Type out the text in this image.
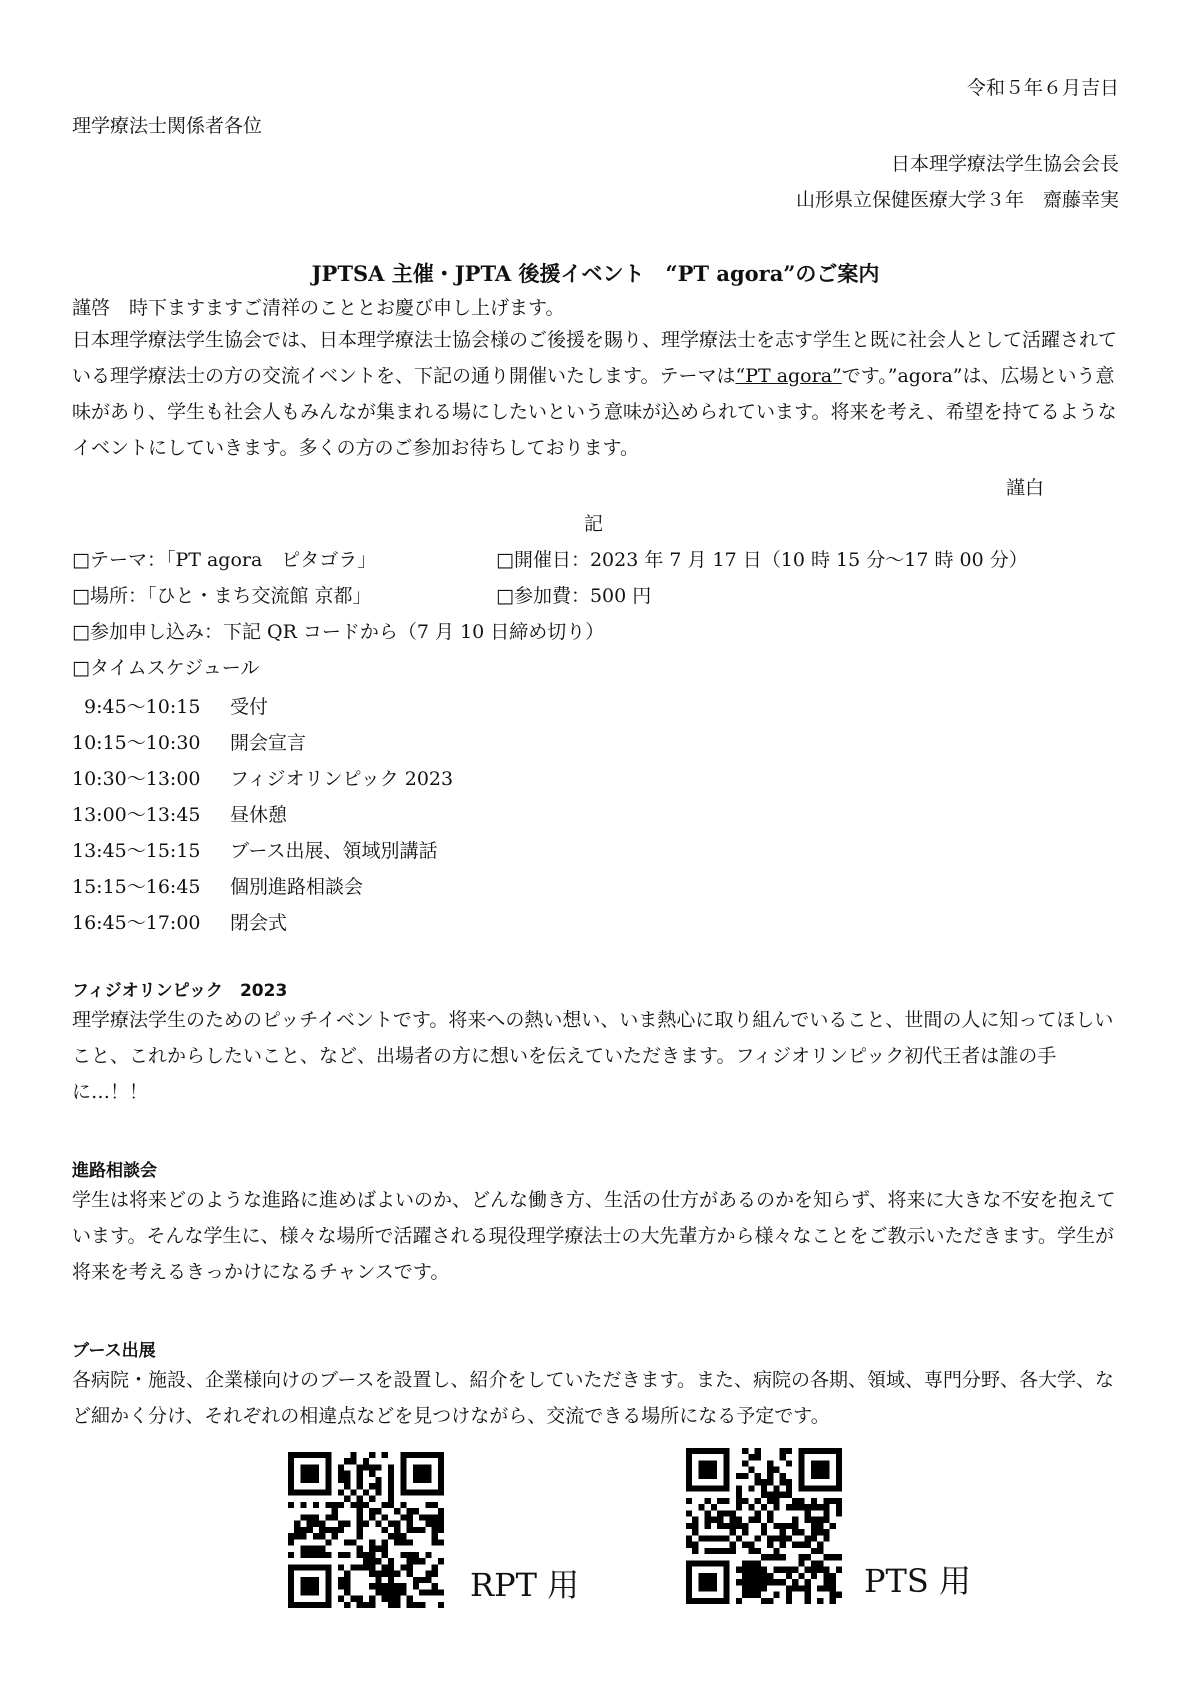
令和５年６月吉日
理学療法士関係者各位
日本理学療法学生協会会長
山形県立保健医療大学３年　齋藤幸実
JPTSA 主催・JPTA 後援イベント　“PT agora”のご案内
謹啓　時下ますますご清祥のこととお慶び申し上げます。

日本理学療法学生協会では、日本理学療法士協会様のご後援を賜り、理学療法士を志す学生と既に社会人として活躍されている理学療法士の方の交流イベントを、下記の通り開催いたします。テーマは“PT agora”です。”agora”は、広場という意味があり、学生も社会人もみんなが集まれる場にしたいという意味が込められています。将来を考え、希望を持てるようなイベントにしていきます。多くの方のご参加お待ちしております。

謹白
記
□テーマ：「PT agora　ピタゴラ」	□開催日：2023 年 7 月 17 日（10 時 15 分～17 時 00 分）
□場所：「ひと・まち交流館 京都」	□参加費：500 円
□参加申し込み：下記 QR コードから（7 月 10 日締め切り）
□タイムスケジュール
9:45～10:15	受付
10:15～10:30	開会宣言
10:30～13:00	フィジオリンピック 2023
13:00～13:45	昼休憩
13:45～15:15	ブース出展、領域別講話
15:15～16:45	個別進路相談会
16:45～17:00	閉会式
フィジオリンピック　2023

理学療法学生のためのピッチイベントです。将来への熱い想い、いま熱心に取り組んでいること、世間の人に知ってほしいこと、これからしたいこと、など、出場者の方に想いを伝えていただきます。フィジオリンピック初代王者は誰の手に…！！

進路相談会

学生は将来どのような進路に進めばよいのか、どんな働き方、生活の仕方があるのかを知らず、将来に大きな不安を抱えています。そんな学生に、様々な場所で活躍される現役理学療法士の大先輩方から様々なことをご教示いただきます。学生が将来を考えるきっかけになるチャンスです。

ブース出展

各病院・施設、企業様向けのブースを設置し、紹介をしていただきます。また、病院の各期、領域、専門分野、各大学、など細かく分け、それぞれの相違点などを見つけながら、交流できる場所になる予定です。

RPT 用	PTS 用
